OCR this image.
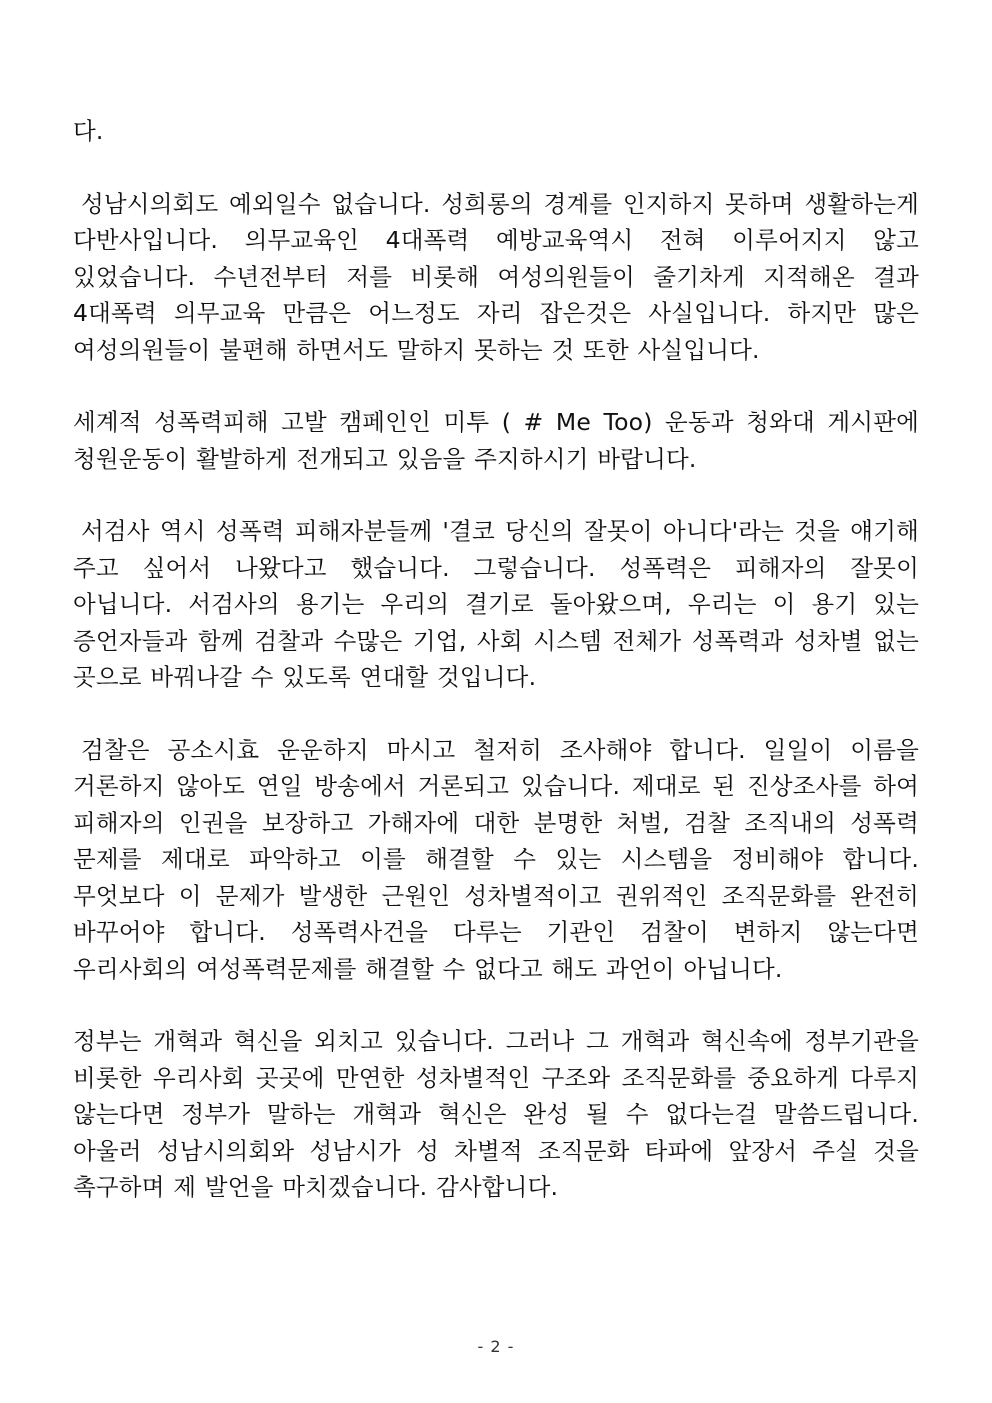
다.

성남시의회도 예외일수 없습니다. 성희롱의 경계를 인지하지 못하며 생활하는게 다반사입니다. 의무교육인 4대폭력 예방교육역시 전혀 이루어지지 않고 있었습니다. 수년전부터 저를 비롯해 여성의원들이 줄기차게 지적해온 결과 4대폭력 의무교육 만큼은 어느정도 자리 잡은것은 사실입니다. 하지만 많은 여성의원들이 불편해 하면서도 말하지 못하는 것 또한 사실입니다.

세계적 성폭력피해 고발 캠페인인 미투 ( # Me Too) 운동과 청와대 게시판에 청원운동이 활발하게 전개되고 있음을 주지하시기 바랍니다.

서검사 역시 성폭력 피해자분들께 '결코 당신의 잘못이 아니다'라는 것을 얘기해 주고 싶어서 나왔다고 했습니다. 그렇습니다. 성폭력은 피해자의 잘못이 아닙니다. 서검사의 용기는 우리의 결기로 돌아왔으며, 우리는 이 용기 있는 증언자들과 함께 검찰과 수많은 기업, 사회 시스템 전체가 성폭력과 성차별 없는 곳으로 바꿔나갈 수 있도록 연대할 것입니다.

검찰은 공소시효 운운하지 마시고 철저히 조사해야 합니다. 일일이 이름을 거론하지 않아도 연일 방송에서 거론되고 있습니다. 제대로 된 진상조사를 하여 피해자의 인권을 보장하고 가해자에 대한 분명한 처벌, 검찰 조직내의 성폭력 문제를 제대로 파악하고 이를 해결할 수 있는 시스템을 정비해야 합니다. 무엇보다 이 문제가 발생한 근원인 성차별적이고 권위적인 조직문화를 완전히 바꾸어야 합니다. 성폭력사건을 다루는 기관인 검찰이 변하지 않는다면 우리사회의 여성폭력문제를 해결할 수 없다고 해도 과언이 아닙니다.

정부는 개혁과 혁신을 외치고 있습니다. 그러나 그 개혁과 혁신속에 정부기관을 비롯한 우리사회 곳곳에 만연한 성차별적인 구조와 조직문화를 중요하게 다루지 않는다면 정부가 말하는 개혁과 혁신은 완성 될 수 없다는걸 말씀드립니다. 아울러 성남시의회와 성남시가 성 차별적 조직문화 타파에 앞장서 주실 것을 촉구하며 제 발언을 마치겠습니다. 감사합니다.

- 2 -
